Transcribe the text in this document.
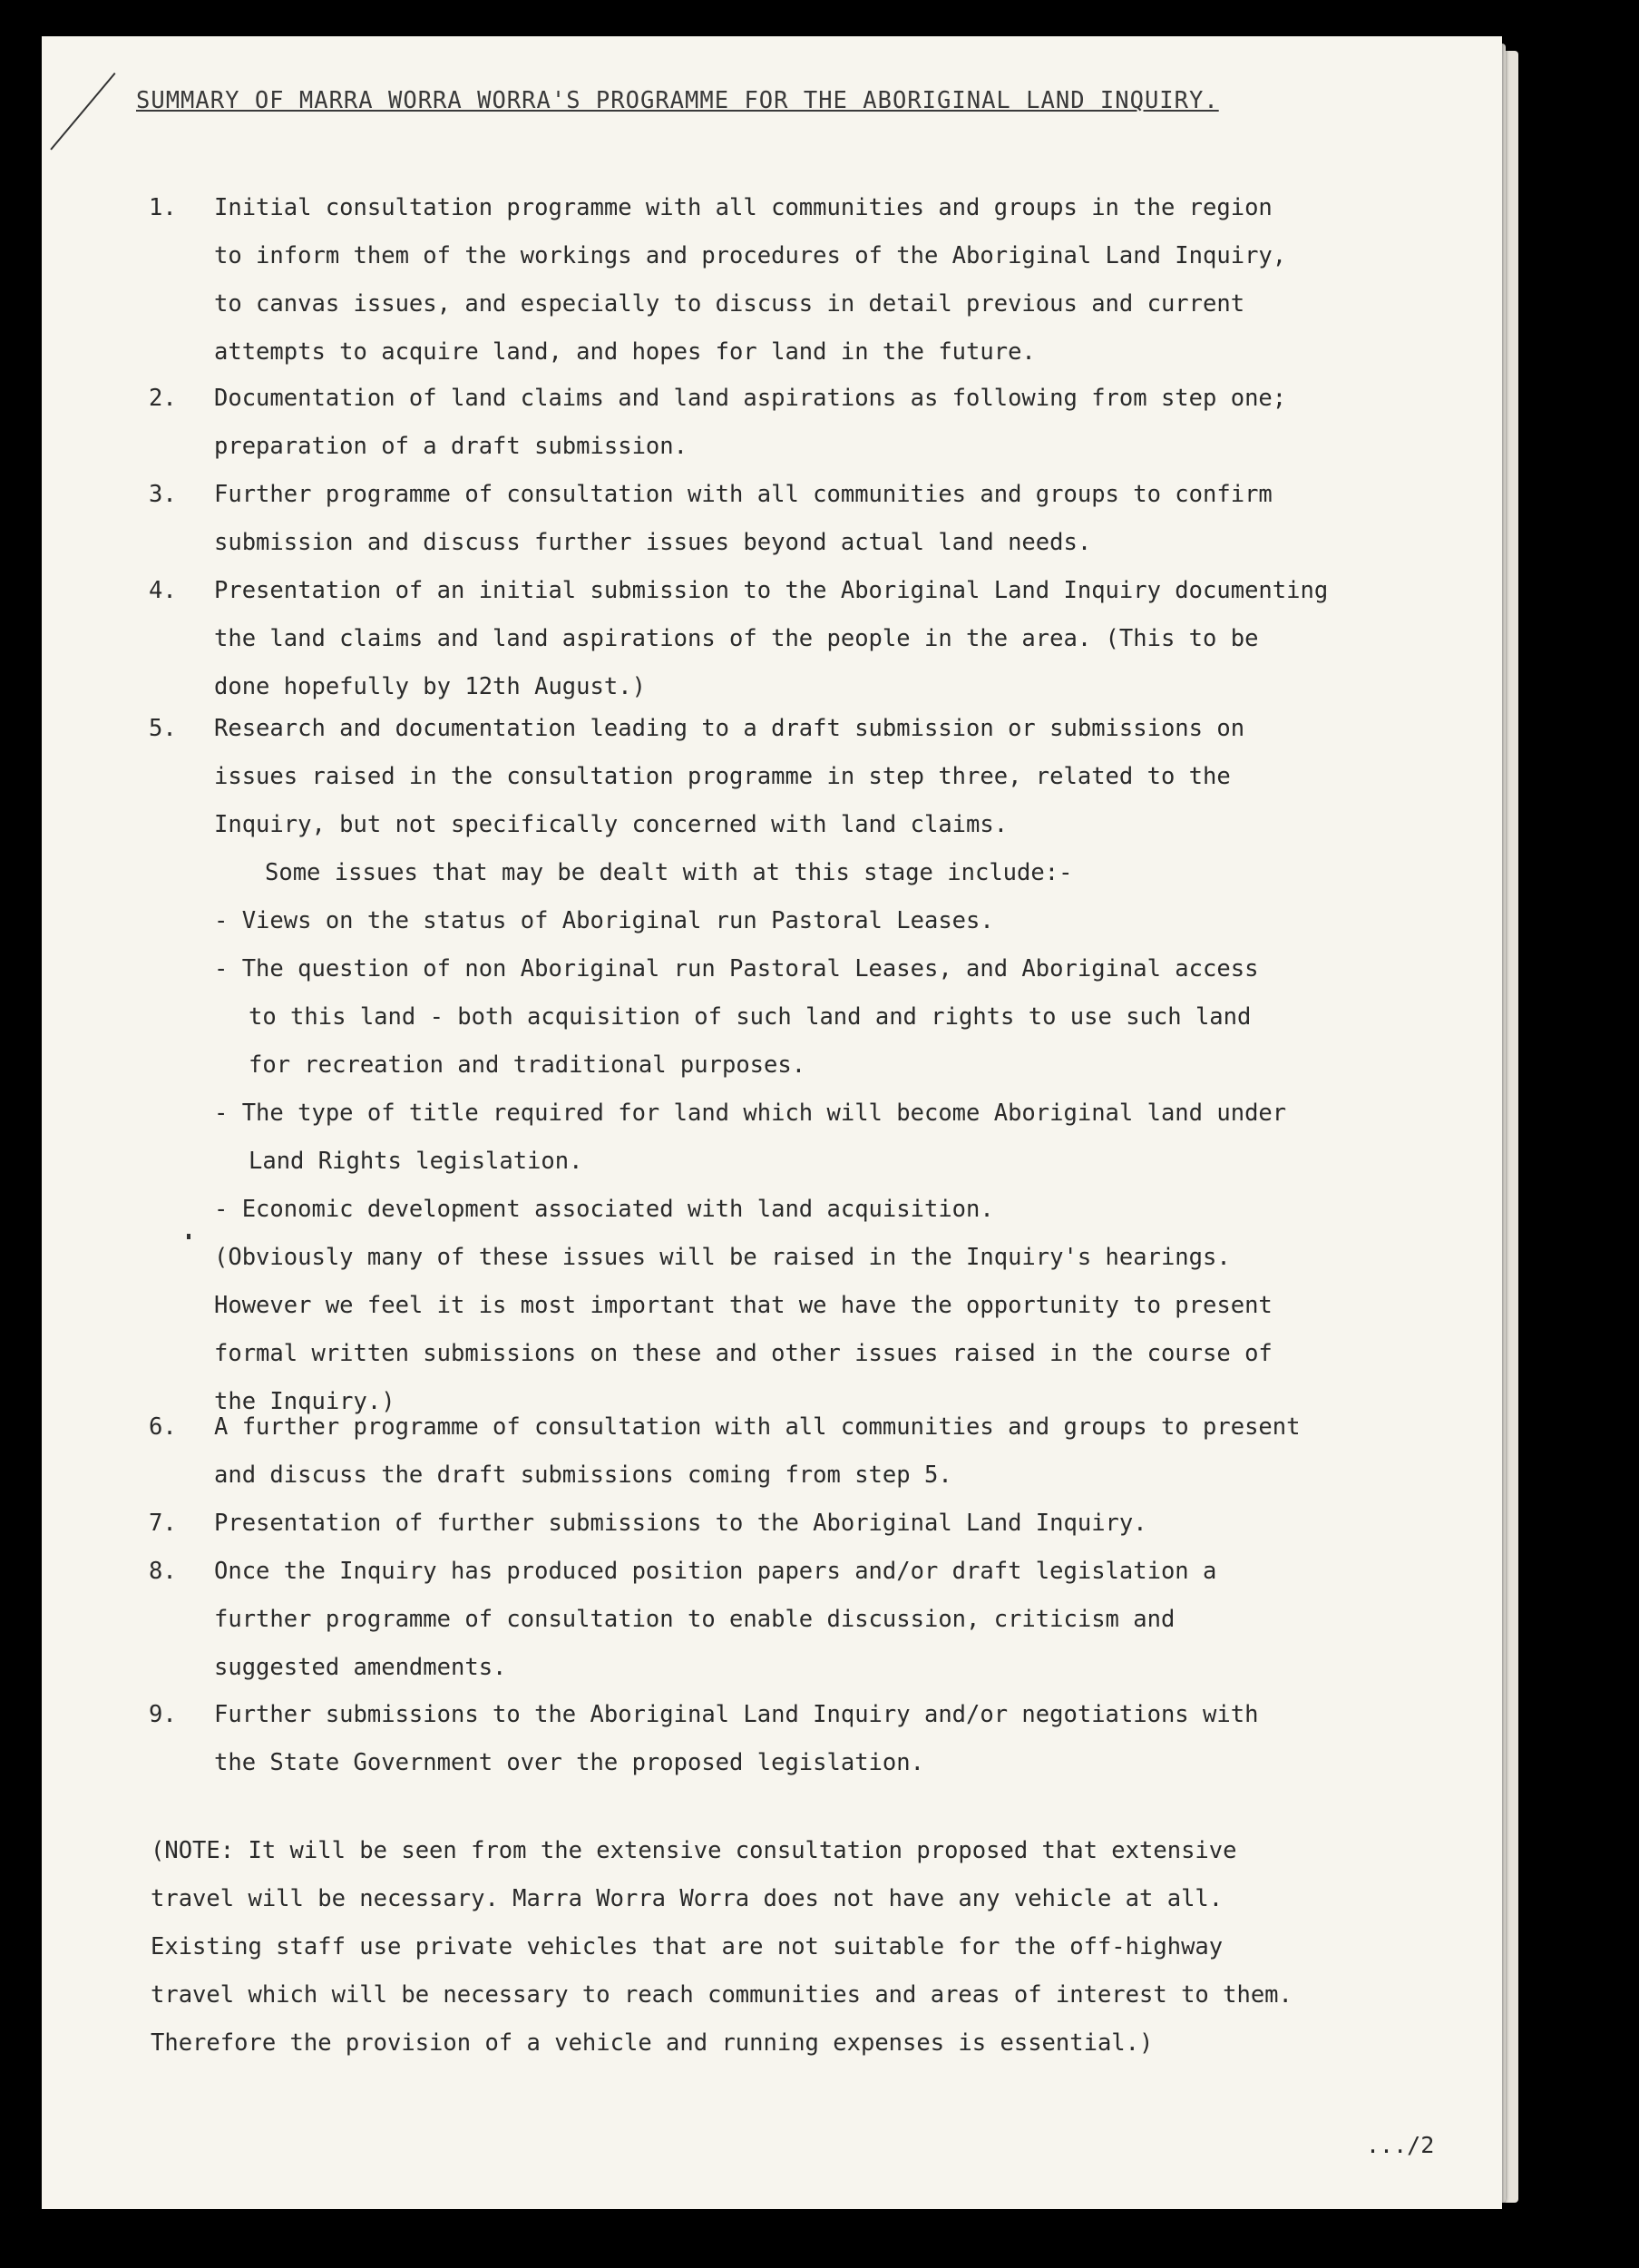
SUMMARY OF MARRA WORRA WORRA'S PROGRAMME FOR THE ABORIGINAL LAND INQUIRY.
1. Initial consultation programme with all communities and groups in the region
to inform them of the workings and procedures of the Aboriginal Land Inquiry,
to canvas issues, and especially to discuss in detail previous and current
attempts to acquire land, and hopes for land in the future.
2. Documentation of land claims and land aspirations as following from step one;
preparation of a draft submission.
3. Further programme of consultation with all communities and groups to confirm
submission and discuss further issues beyond actual land needs.
4. Presentation of an initial submission to the Aboriginal Land Inquiry documenting
the land claims and land aspirations of the people in the area. (This to be
done hopefully by 12th August.)
5. Research and documentation leading to a draft submission or submissions on
issues raised in the consultation programme in step three, related to the
Inquiry, but not specifically concerned with land claims.
Some issues that may be dealt with at this stage include:-
- Views on the status of Aboriginal run Pastoral Leases.
- The question of non Aboriginal run Pastoral Leases, and Aboriginal access
to this land - both acquisition of such land and rights to use such land
for recreation and traditional purposes.
- The type of title required for land which will become Aboriginal land under
Land Rights legislation.
- Economic development associated with land acquisition.
(Obviously many of these issues will be raised in the Inquiry's hearings.
However we feel it is most important that we have the opportunity to present
formal written submissions on these and other issues raised in the course of
the Inquiry.)
6. A further programme of consultation with all communities and groups to present
and discuss the draft submissions coming from step 5.
7. Presentation of further submissions to the Aboriginal Land Inquiry.
8. Once the Inquiry has produced position papers and/or draft legislation a
further programme of consultation to enable discussion, criticism and
suggested amendments.
9. Further submissions to the Aboriginal Land Inquiry and/or negotiations with
the State Government over the proposed legislation.
(NOTE: It will be seen from the extensive consultation proposed that extensive
travel will be necessary. Marra Worra Worra does not have any vehicle at all.
Existing staff use private vehicles that are not suitable for the off-highway
travel which will be necessary to reach communities and areas of interest to them.
Therefore the provision of a vehicle and running expenses is essential.)
.../2
